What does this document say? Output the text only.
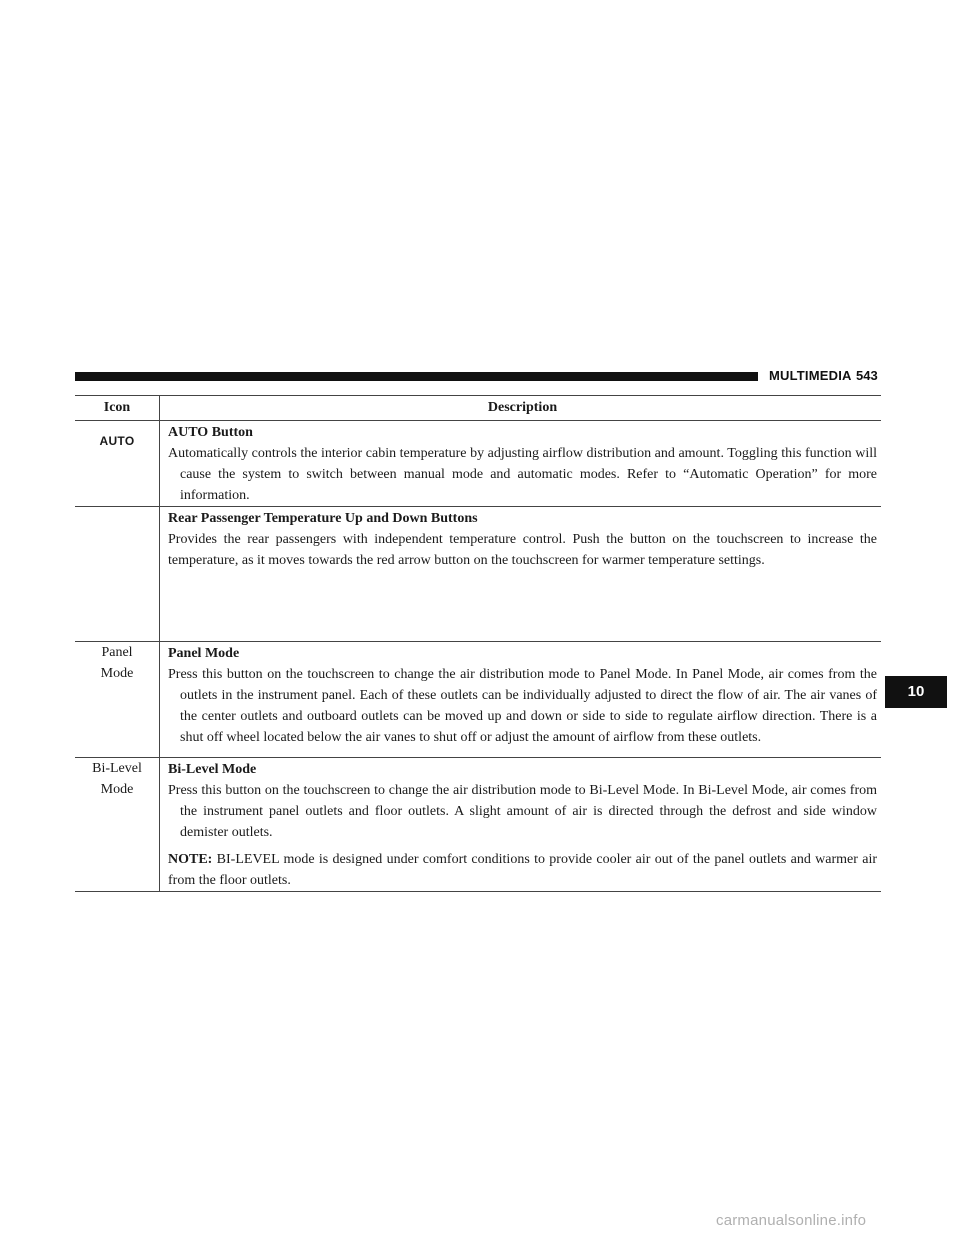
MULTIMEDIA 543
Icon	Description
AUTO	AUTO Button
Automatically controls the interior cabin temperature by adjusting airflow distribution and amount. Toggling this function will cause the system to switch between manual mode and automatic modes. Refer to “Automatic Operation” for more information.

	Rear Passenger Temperature Up and Down Buttons
Provides the rear passengers with independent temperature control. Push the button on the touchscreen to increase the temperature, as it moves towards the red arrow button on the touchscreen for warmer temperature settings.

Panel Mode	Panel Mode
Press this button on the touchscreen to change the air distribution mode to Panel Mode. In Panel Mode, air comes from the outlets in the instrument panel. Each of these outlets can be individually adjusted to direct the flow of air. The air vanes of the center outlets and outboard outlets can be moved up and down or side to side to regulate airflow direction. There is a shut off wheel located below the air vanes to shut off or adjust the amount of airflow from these outlets.

Bi-Level Mode	Bi-Level Mode
Press this button on the touchscreen to change the air distribution mode to Bi-Level Mode. In Bi-Level Mode, air comes from the instrument panel outlets and floor outlets. A slight amount of air is directed through the defrost and side window demister outlets.
NOTE: BI-LEVEL mode is designed under comfort conditions to provide cooler air out of the panel outlets and warmer air from the floor outlets.
10
carmanualsonline.info
